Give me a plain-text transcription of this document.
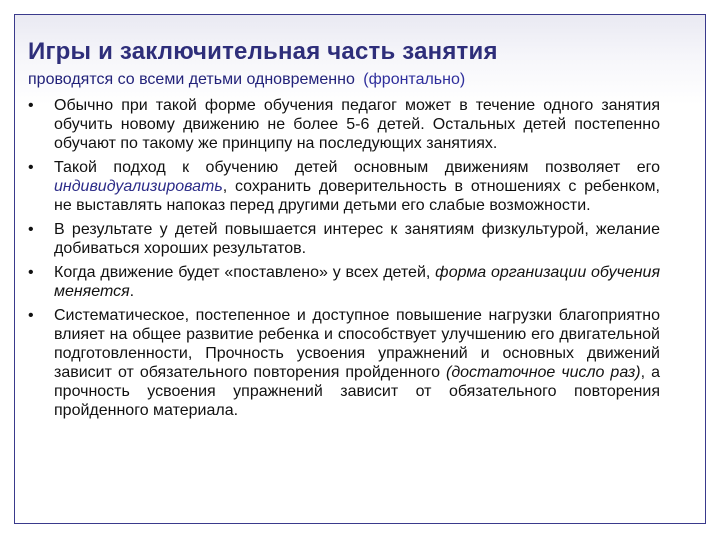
Игры и заключительная часть занятия
проводятся со всеми детьми одновременно (фронтально)
•	Обычно при такой форме обучения педагог может в течение одного занятия обучить новому движению не более 5-6 детей. Остальных детей постепенно обучают по такому же принципу на последующих занятиях.
•	Такой подход к обучению детей основным движениям позволяет его индивидуализировать, сохранить доверительность в отношениях с ребенком, не выставлять напоказ перед другими детьми его слабые возможности.
•	В результате у детей повышается интерес к занятиям физкультурой, желание добиваться хороших результатов.
•	Когда движение будет «поставлено» у всех детей, форма организации обучения меняется.
•	Систематическое, постепенное и доступное повышение нагрузки благоприятно влияет на общее развитие ребенка и способствует улучшению его двигательной подготовленности, Прочность усвоения упражнений и основных движений зависит от обязательного повторения пройденного (достаточное число раз), а прочность усвоения упражнений зависит от обязательного повторения пройденного материала.
